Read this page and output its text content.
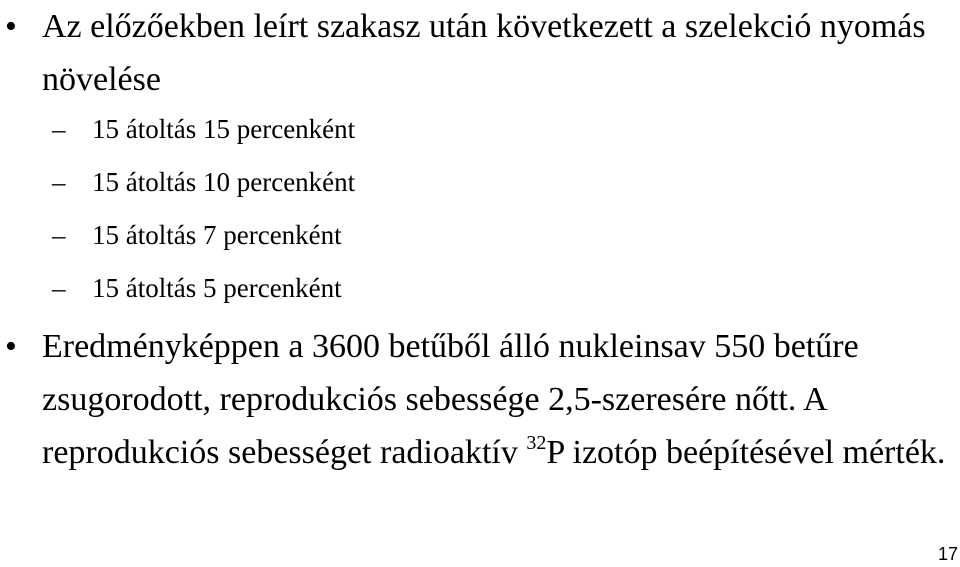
• Az előzőekben leírt szakasz után következett a szelekció nyomás növelése
– 15 átoltás 15 percenként
– 15 átoltás 10 percenként
– 15 átoltás 7 percenként
– 15 átoltás 5 percenként
• Eredményképpen a 3600 betűből álló nukleinsav 550 betűre zsugorodott, reprodukciós sebessége 2,5-szeresére nőtt. A reprodukciós sebességet radioaktív $^{32}$P izotóp beépítésével mérték.
17
